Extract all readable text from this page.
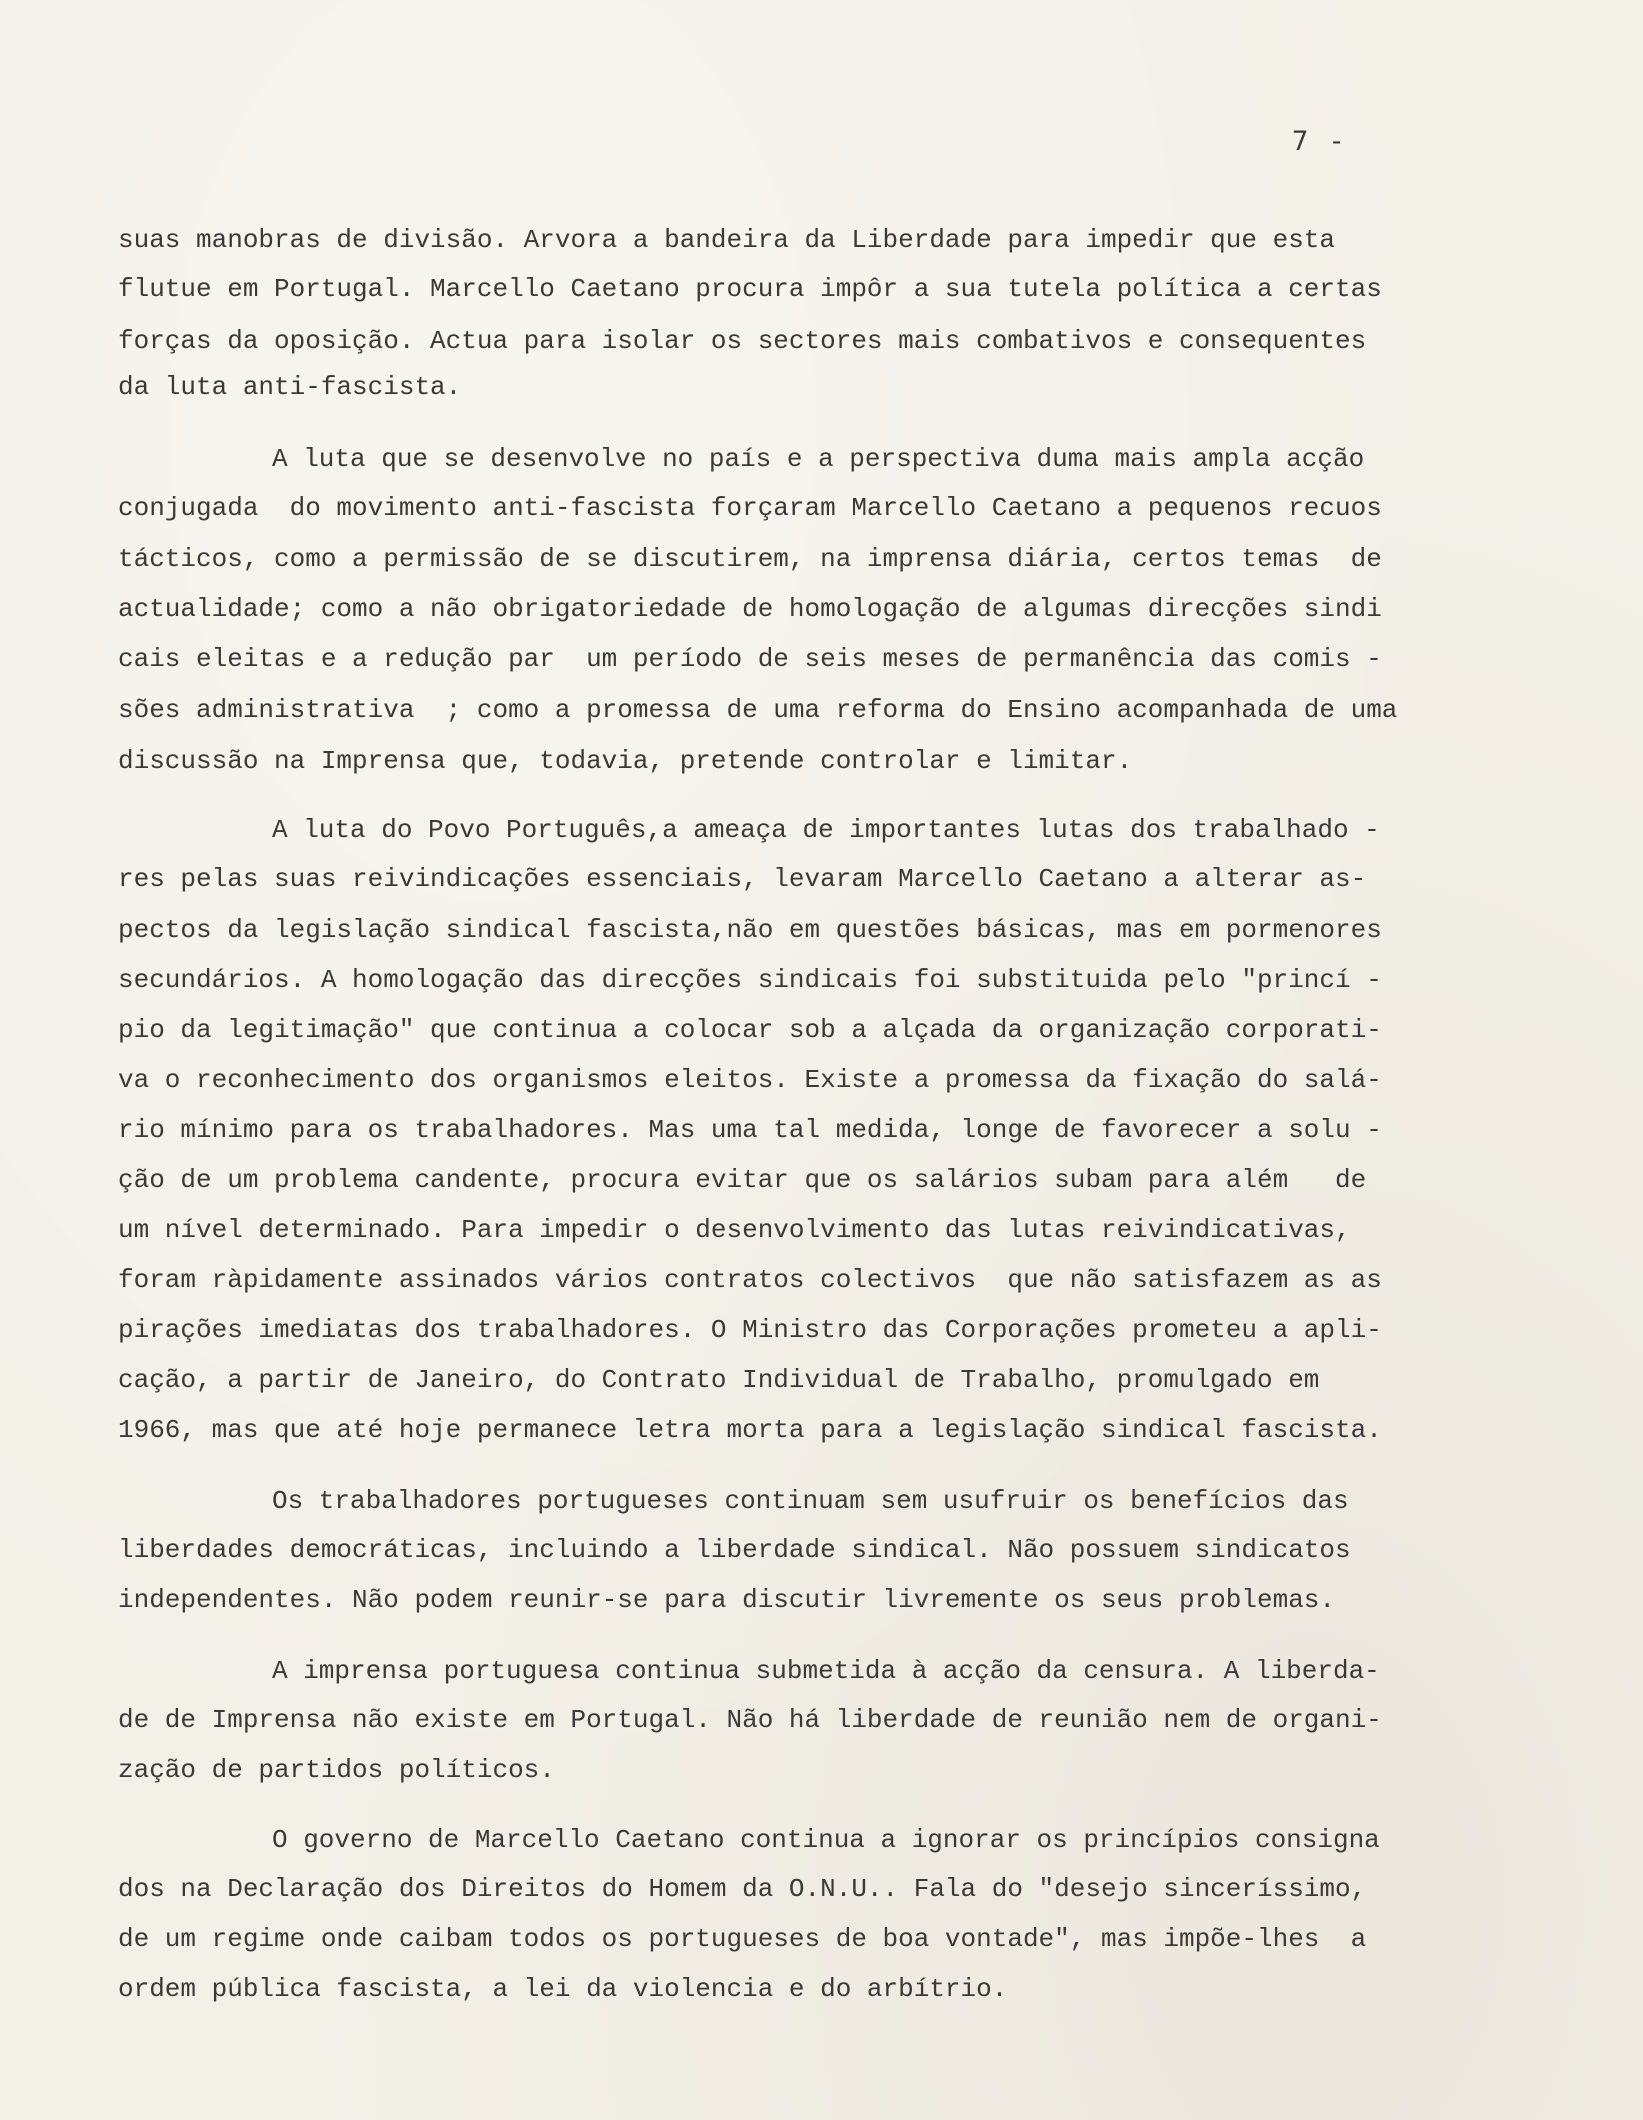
7 -

suas manobras de divisão. Arvora a bandeira da Liberdade para impedir que esta

flutue em Portugal. Marcello Caetano procura impôr a sua tutela política a certas

forças da oposição. Actua para isolar os sectores mais combativos e consequentes

da luta anti-fascista.

A luta que se desenvolve no país e a perspectiva duma mais ampla acção

conjugada  do movimento anti-fascista forçaram Marcello Caetano a pequenos recuos

tácticos, como a permissão de se discutirem, na imprensa diária, certos temas  de

actualidade; como a não obrigatoriedade de homologação de algumas direcções sindi

cais eleitas e a redução par  um período de seis meses de permanência das comis -

sões administrativa  ; como a promessa de uma reforma do Ensino acompanhada de uma

discussão na Imprensa que, todavia, pretende controlar e limitar.

A luta do Povo Português,a ameaça de importantes lutas dos trabalhado -

res pelas suas reivindicações essenciais, levaram Marcello Caetano a alterar as-

pectos da legislação sindical fascista,não em questões básicas, mas em pormenores

secundários. A homologação das direcções sindicais foi substituida pelo "princí -

pio da legitimação" que continua a colocar sob a alçada da organização corporati-

va o reconhecimento dos organismos eleitos. Existe a promessa da fixação do salá-

rio mínimo para os trabalhadores. Mas uma tal medida, longe de favorecer a solu -

ção de um problema candente, procura evitar que os salários subam para além   de

um nível determinado. Para impedir o desenvolvimento das lutas reivindicativas,

foram ràpidamente assinados vários contratos colectivos  que não satisfazem as as

pirações imediatas dos trabalhadores. O Ministro das Corporações prometeu a apli-

cação, a partir de Janeiro, do Contrato Individual de Trabalho, promulgado em

1966, mas que até hoje permanece letra morta para a legislação sindical fascista.

Os trabalhadores portugueses continuam sem usufruir os benefícios das

liberdades democráticas, incluindo a liberdade sindical. Não possuem sindicatos

independentes. Não podem reunir-se para discutir livremente os seus problemas.

A imprensa portuguesa continua submetida à acção da censura. A liberda-

de de Imprensa não existe em Portugal. Não há liberdade de reunião nem de organi-

zação de partidos políticos.

O governo de Marcello Caetano continua a ignorar os princípios consigna

dos na Declaração dos Direitos do Homem da O.N.U.. Fala do "desejo sinceríssimo,

de um regime onde caibam todos os portugueses de boa vontade", mas impõe-lhes  a

ordem pública fascista, a lei da violencia e do arbítrio.
